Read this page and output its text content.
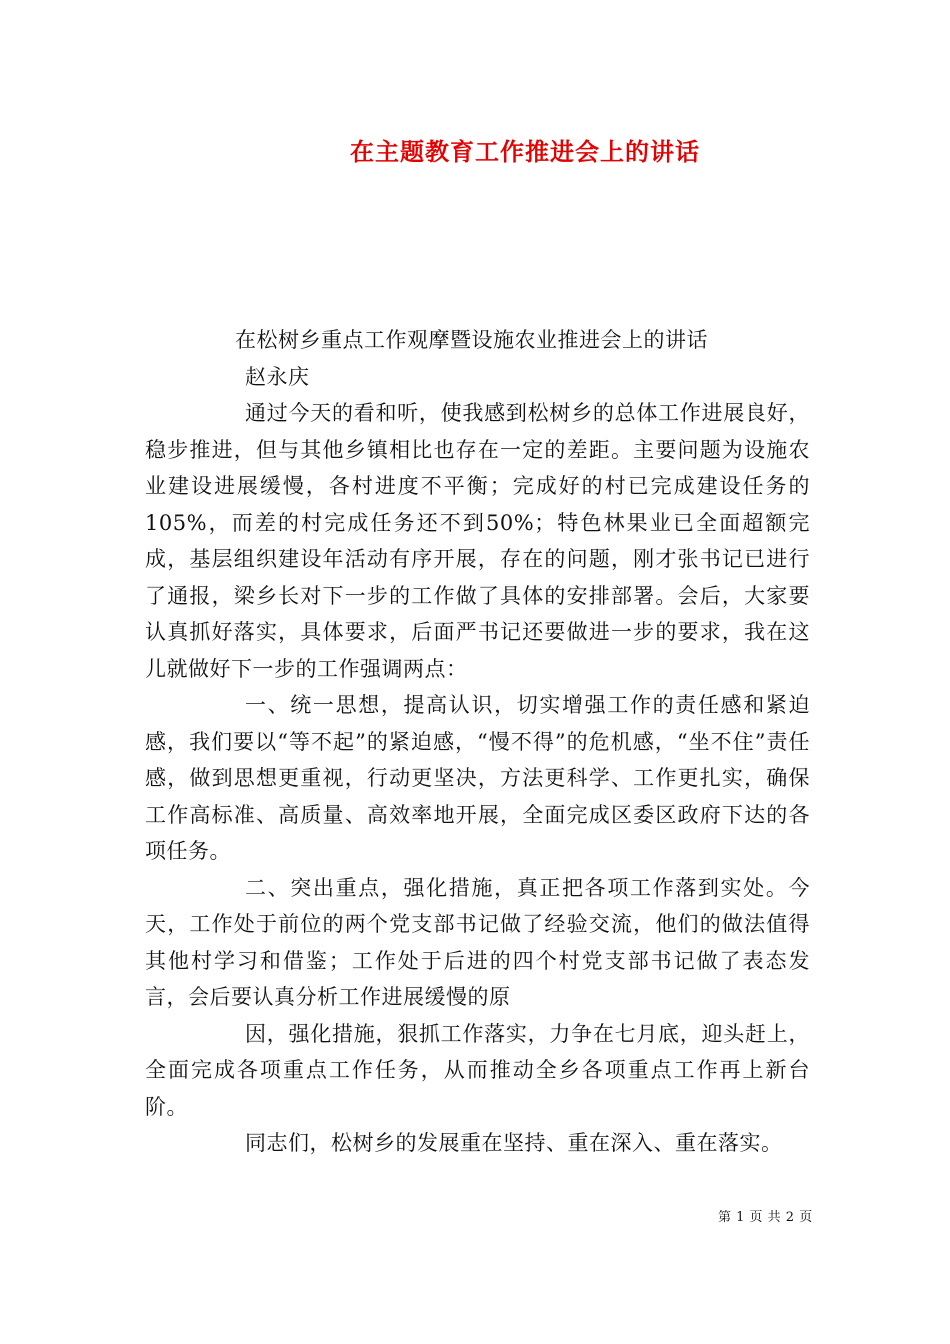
在主题教育工作推进会上的讲话

在松树乡重点工作观摩暨设施农业推进会上的讲话

赵永庆

通过今天的看和听，使我感到松树乡的总体工作进展良好，稳步推进，但与其他乡镇相比也存在一定的差距。主要问题为设施农业建设进展缓慢，各村进度不平衡；完成好的村已完成建设任务的105%，而差的村完成任务还不到50%；特色林果业已全面超额完成，基层组织建设年活动有序开展，存在的问题，刚才张书记已进行了通报，梁乡长对下一步的工作做了具体的安排部署。会后，大家要认真抓好落实，具体要求，后面严书记还要做进一步的要求，我在这儿就做好下一步的工作强调两点：

一、统一思想，提高认识，切实增强工作的责任感和紧迫感，我们要以“等不起”的紧迫感，“慢不得”的危机感，“坐不住”责任感，做到思想更重视，行动更坚决，方法更科学、工作更扎实，确保工作高标准、高质量、高效率地开展，全面完成区委区政府下达的各项任务。

二、突出重点，强化措施，真正把各项工作落到实处。今天，工作处于前位的两个党支部书记做了经验交流，他们的做法值得其他村学习和借鉴；工作处于后进的四个村党支部书记做了表态发言，会后要认真分析工作进展缓慢的原

因，强化措施，狠抓工作落实，力争在七月底，迎头赶上，全面完成各项重点工作任务，从而推动全乡各项重点工作再上新台阶。

同志们，松树乡的发展重在坚持、重在深入、重在落实。

第 1 页 共 2 页
